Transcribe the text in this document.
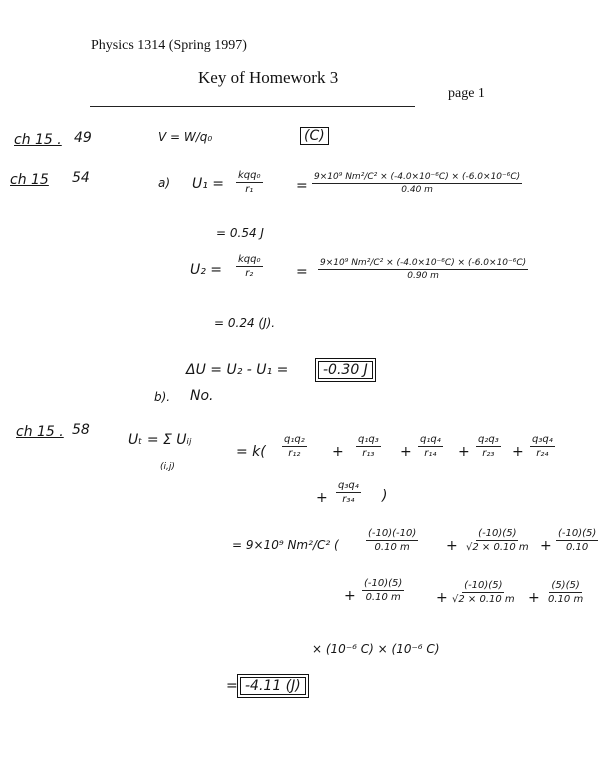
Physics 1314 (Spring 1997)
Key of Homework 3
page 1
ch 15 . 49	V = W/q₀	(C)
ch 15 54	a) U₁ =
kqq₀
r₁	= $\frac{\text{9×10⁹ Nm²/C² × (-4.0×10⁻⁶C) × (-6.0×10⁻⁶C)}}{0.40 m}$
= 0.54 J
U₂ =
kqq₀
r₂	= $\frac{\text{9×10⁹ Nm²/C² × (-4.0×10⁻⁶C) × (-6.0×10⁻⁶C)}}{0.90 m}$
= 0.24 (J).
ΔU = U₂ - U₁ =	-0.30 J
b). No.
ch 15 . 58
Uₜ = Σ Uᵢⱼ
(i,j)
= $k( \frac{\text{q₁q₂}}{\text{r₁₂}} + \frac{\text{q₁q₃}}{\text{r₁₃}} + \frac{\text{q₁q₄}}{\text{r₁₄}} + \frac{\text{q₂q₃}}{\text{r₂₃}} + \frac{\text{q₃q₄}}{\text{r₂₄}}$
+ $\frac{\text{q₃q₄}}{\text{r₃₄}}$ )
= 9×10⁹ Nm²/C² (	$\frac{(-10)(-10)}{0.10 m} + \frac{(-10)(5)}{√2 \times 0.10 m} + \frac{(-10)(5)}{0.10}$
+ $\frac{(-10)(5)}{0.10 m} + \frac{(-10)(5)}{√2 \times 0.10 m} + \frac{(5)(5)}{0.10 m}$
× (10⁻⁶ C) × (10⁻⁶ C)
= -4.11 (J)
